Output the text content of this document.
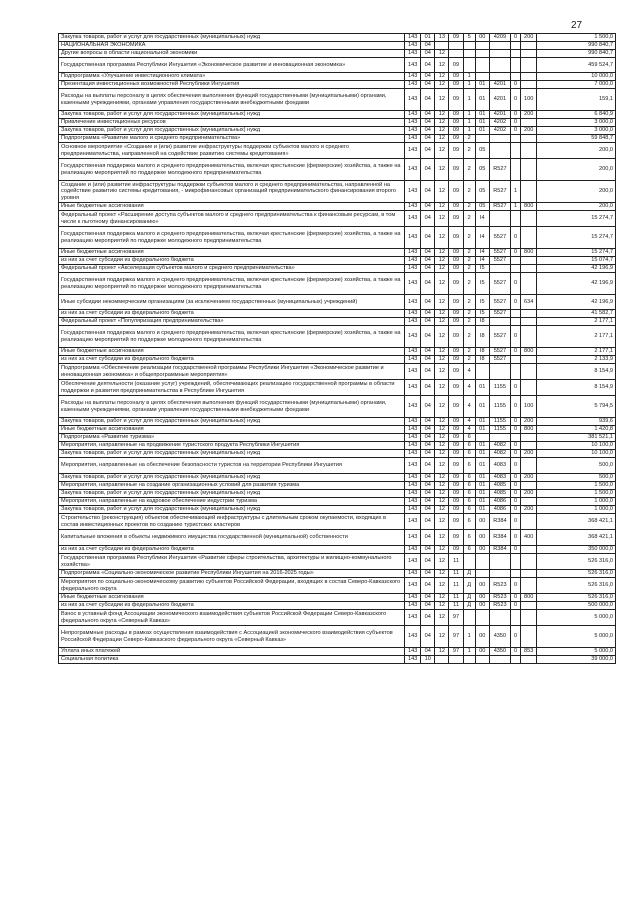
27
Закупка товаров, работ и услуг для государственных (муниципальных) нужд	143	01	13	09	5	00	4209	0	200	1 500,0
НАЦИОНАЛЬНАЯ ЭКОНОМИКА	143	04								990 840,7
Другие вопросы в области национальной экономики	143	04	12							990 840,7
Государственная программа Республики Ингушетия «Экономическое развитие и инновационная экономика»	143	04	12	09						459 524,7
Подпрограмма «Улучшение инвестиционного климата»	143	04	12	09	1					10 000,0
Презентация инвестиционных возможностей Республики Ингушетия	143	04	12	09	1	01	4201	0		7 000,0
Расходы на выплаты персоналу в целях обеспечения выполнения функций государственными (муниципальными) органами, казенными учреждениями, органами управления государственными внебюджетными фондами	143	04	12	09	1	01	4201	0	100	159,1
Закупка товаров, работ и услуг для государственных (муниципальных) нужд	143	04	12	09	1	01	4201	0	200	6 840,9
Привлечение инвестиционных ресурсов	143	04	12	09	1	01	4202	0		3 000,0
Закупка товаров, работ и услуг для государственных (муниципальных) нужд	143	04	12	09	1	01	4202	0	200	3 000,0
Подпрограмма «Развитие малого и среднего предпринимательства»	143	04	12	09	2					59 848,7
Основное мероприятие «Создание и (или) развитие инфраструктуры поддержки субъектов малого и среднего предпринимательства, направленной на содействие развитию системы кредитования»	143	04	12	09	2	05				200,0
Государственная поддержка малого и среднего предпринимательства, включая крестьянские (фермерские) хозяйства, а также на реализацию мероприятий по поддержке молодежного предпринимательства	143	04	12	09	2	05	R527			200,0
Создание и (или) развитие инфраструктуры поддержки субъектов малого и среднего предпринимательства, направленной на содействие развитию системы кредитования, - микрофинансовых организаций предпринимательского финансирования второго уровня	143	04	12	09	2	05	R527	1		200,0
Иные бюджетные ассигнования	143	04	12	09	2	05	R527	1	800	200,0
Федеральный проект «Расширение доступа субъектов малого и среднего предпринимательства к финансовым ресурсам, в том числе к льготному финансированию»	143	04	12	09	2	I4				15 274,7
Государственная поддержка малого и среднего предпринимательства, включая крестьянские (фермерские) хозяйства, а также на реализацию мероприятий по поддержке молодежного предпринимательства	143	04	12	09	2	I4	5527	0		15 274,7
Иные бюджетные ассигнования	143	04	12	09	2	I4	5527	0	800	15 274,7
из них за счет субсидии из федерального бюджета	143	04	12	09	2	I4	5527			15 074,7
Федеральный проект «Акселерация субъектов малого и среднего предпринимательства»	143	04	12	09	2	I5				42 196,9
Государственная поддержка малого и среднего предпринимательства, включая крестьянские (фермерские) хозяйства, а также на реализацию мероприятий по поддержке молодежного предпринимательства	143	04	12	09	2	I5	5527	0		42 196,9
Иные субсидии некоммерческим организациям (за исключением государственных (муниципальных) учреждений)	143	04	12	09	2	I5	5527	0	634	42 196,9
из них за счет субсидии из федерального бюджета	143	04	12	09	2	I5	5527			41 582,7
Федеральный проект «Популяризация предпринимательства»	143	04	12	09	2	I8				2 177,1
Государственная поддержка малого и среднего предпринимательства, включая крестьянские (фермерские) хозяйства, а также на реализацию мероприятий по поддержке молодежного предпринимательства	143	04	12	09	2	I8	5527	0		2 177,1
Иные бюджетные ассигнования	143	04	12	09	2	I8	5527	0	800	2 177,1
из них за счет субсидии из федерального бюджета	143	04	12	09	2	I8	5527			2 133,9
Подпрограмма «Обеспечение реализации государственной программы Республики Ингушетия «Экономическое развитие и инновационная экономика» и общепрограммные мероприятия»	143	04	12	09	4					8 154,9
Обеспечение деятельности (оказание услуг) учреждений, обеспечивающих реализацию государственной программы в области поддержки и развития предпринимательства в Республике Ингушетия	143	04	12	09	4	01	1155	0		8 154,9
Расходы на выплаты персоналу в целях обеспечения выполнения функций государственными (муниципальными) органами, казенными учреждениями, органами управления государственными внебюджетными фондами	143	04	12	09	4	01	1155	0	100	5 794,5
Закупка товаров, работ и услуг для государственных (муниципальных) нужд	143	04	12	09	4	01	1155	0	200	939,6
Иные бюджетные ассигнования	143	04	12	09	4	01	1155	0	800	1 420,8
Подпрограмма «Развитие туризма»	143	04	12	09	6					381 521,1
Мероприятия, направленные на продвижение туристского продукта Республики Ингушетия	143	04	12	09	6	01	4082	0		10 100,0
Закупка товаров, работ и услуг для государственных (муниципальных) нужд	143	04	12	09	6	01	4082	0	200	10 100,0
Мероприятия, направленные на обеспечение безопасности туристов на территории Республики Ингушетия	143	04	12	09	6	01	4083	0		500,0
Закупка товаров, работ и услуг для государственных (муниципальных) нужд	143	04	12	09	6	01	4083	0	200	500,0
Мероприятия, направленные на создание организационных условий для развития туризма	143	04	12	09	6	01	4085	0		1 500,0
Закупка товаров, работ и услуг для государственных (муниципальных) нужд	143	04	12	09	6	01	4085	0	200	1 500,0
Мероприятия, направленные на кадровое обеспечение индустрии туризма	143	04	12	09	6	01	4086	0		1 000,0
Закупка товаров, работ и услуг для государственных (муниципальных) нужд	143	04	12	09	6	01	4086	0	200	1 000,0
Строительство (реконструкция) объектов обеспечивающей инфраструктуры с длительным сроком окупаемости, входящих в состав инвестиционных проектов по созданию туристских кластеров	143	04	12	09	6	00	R384	0		368 421,1
Капитальные вложения в объекты недвижимого имущества государственной (муниципальной) собственности	143	04	12	09	6	00	R384	0	400	368 421,1
из них за счет субсидии из федерального бюджета	143	04	12	09	6	00	R384	0		350 000,0
Государственная программа Республики Ингушетия «Развитие сферы строительства, архитектуры и жилищно-коммунального хозяйства»	143	04	12	11						526 316,0
Подпрограмма «Социально-экономическое развитие Республики Ингушетия на 2016-2025 годы»	143	04	12	11	Д					526 316,0
Мероприятия по социально-экономическому развитию субъектов Российской Федерации, входящих в состав Северо-Кавказского федерального округа	143	04	12	11	Д	00	R523	0		526 316,0
Иные бюджетные ассигнования	143	04	12	11	Д	00	R523	0	800	526 316,0
из них за счет субсидии из федерального бюджета	143	04	12	11	Д	00	R523	0		500 000,0
Взнос в уставный фонд Ассоциации экономического взаимодействия субъектов Российской Федерации Северо-Кавказского федерального округа «Северный Кавказ»	143	04	12	97						5 000,0
Непрограммные расходы в рамках осуществления взаимодействия с Ассоциацией экономического взаимодействия субъектов Российской Федерации Северо-Кавказского федерального округа «Северный Кавказ»	143	04	12	97	1	00	4350	0		5 000,0
Уплата иных платежей	143	04	12	97	1	00	4350	0	853	5 000,0
Социальная политика	143	10								39 000,0
